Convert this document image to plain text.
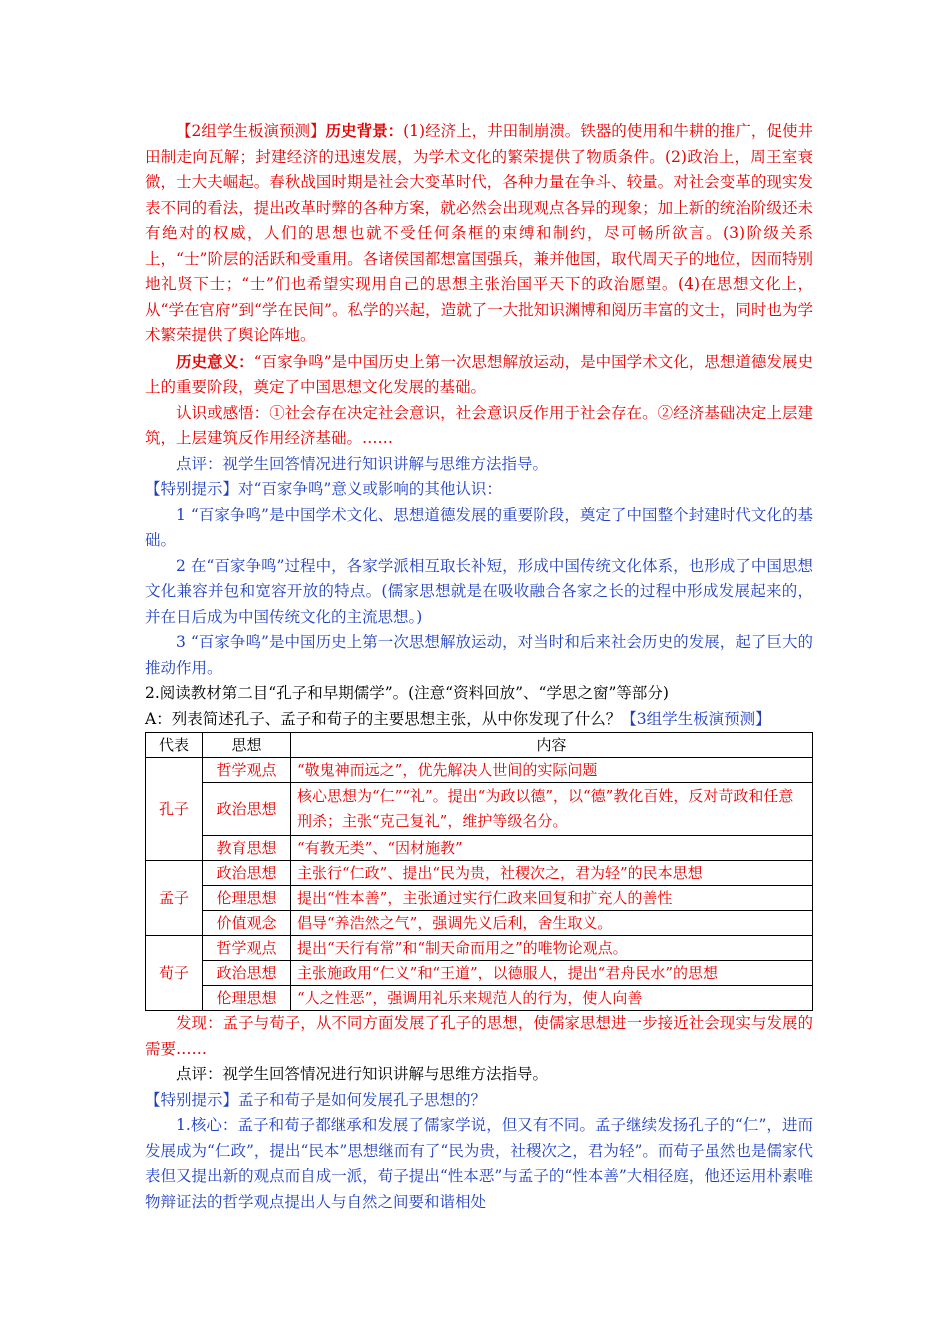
【2组学生板演预测】历史背景：(1)经济上，井田制崩溃。铁器的使用和牛耕的推广，促使井田制走向瓦解；封建经济的迅速发展，为学术文化的繁荣提供了物质条件。(2)政治上，周王室衰微，士大夫崛起。春秋战国时期是社会大变革时代，各种力量在争斗、较量。对社会变革的现实发表不同的看法，提出改革时弊的各种方案，就必然会出现观点各异的现象；加上新的统治阶级还未有绝对的权威，人们的思想也就不受任何条框的束缚和制约，尽可畅所欲言。(3)阶级关系上，“士”阶层的活跃和受重用。各诸侯国都想富国强兵，兼并他国，取代周天子的地位，因而特别地礼贤下士；“士”们也希望实现用自己的思想主张治国平天下的政治愿望。(4)在思想文化上，从“学在官府”到“学在民间”。私学的兴起，造就了一大批知识渊博和阅历丰富的文士，同时也为学术繁荣提供了舆论阵地。

历史意义：“百家争鸣”是中国历史上第一次思想解放运动，是中国学术文化，思想道德发展史上的重要阶段，奠定了中国思想文化发展的基础。

认识或感悟：①社会存在决定社会意识，社会意识反作用于社会存在。②经济基础决定上层建筑，上层建筑反作用经济基础。……

点评：视学生回答情况进行知识讲解与思维方法指导。

【特别提示】对“百家争鸣”意义或影响的其他认识：

1 “百家争鸣”是中国学术文化、思想道德发展的重要阶段，奠定了中国整个封建时代文化的基础。

2 在“百家争鸣”过程中，各家学派相互取长补短，形成中国传统文化体系，也形成了中国思想文化兼容并包和宽容开放的特点。(儒家思想就是在吸收融合各家之长的过程中形成发展起来的，并在日后成为中国传统文化的主流思想。)

3 “百家争鸣”是中国历史上第一次思想解放运动，对当时和后来社会历史的发展，起了巨大的推动作用。

2.阅读教材第二目“孔子和早期儒学”。(注意“资料回放”、“学思之窗”等部分)

A：列表简述孔子、孟子和荀子的主要思想主张，从中你发现了什么？【3组学生板演预测】

代表	思想	内容
孔子	哲学观点	“敬鬼神而远之”，优先解决人世间的实际问题
	政治思想	核心思想为“仁”“礼”。提出“为政以德”，以“德”教化百姓，反对苛政和任意刑杀；主张“克己复礼”，维护等级名分。
	教育思想	“有教无类”、“因材施教”
孟子	政治思想	主张行“仁政”、提出“民为贵，社稷次之，君为轻”的民本思想
	伦理思想	提出“性本善”，主张通过实行仁政来回复和扩充人的善性
	价值观念	倡导“养浩然之气”，强调先义后利，舍生取义。
荀子	哲学观点	提出“天行有常”和“制天命而用之”的唯物论观点。
	政治思想	主张施政用“仁义”和“王道”，以德服人，提出“君舟民水”的思想
	伦理思想	“人之性恶”，强调用礼乐来规范人的行为，使人向善

发现：孟子与荀子，从不同方面发展了孔子的思想，使儒家思想进一步接近社会现实与发展的需要……

点评：视学生回答情况进行知识讲解与思维方法指导。

【特别提示】孟子和荀子是如何发展孔子思想的？

1.核心：孟子和荀子都继承和发展了儒家学说，但又有不同。孟子继续发扬孔子的“仁”，进而发展成为“仁政”，提出“民本”思想继而有了“民为贵，社稷次之，君为轻”。而荀子虽然也是儒家代表但又提出新的观点而自成一派，荀子提出“性本恶”与孟子的“性本善”大相径庭，他还运用朴素唯物辩证法的哲学观点提出人与自然之间要和谐相处
